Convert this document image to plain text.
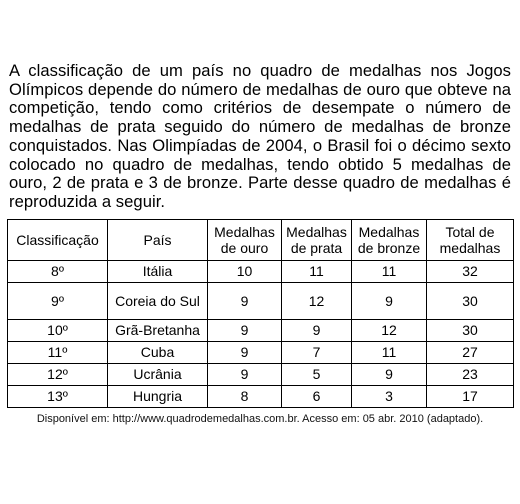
A classificação de um país no quadro de medalhas nos Jogos Olímpicos depende do número de medalhas de ouro que obteve na competição, tendo como critérios de desempate o número de medalhas de prata seguido do número de medalhas de bronze conquistados. Nas Olimpíadas de 2004, o Brasil foi o décimo sexto colocado no quadro de medalhas, tendo obtido 5 medalhas de ouro, 2 de prata e 3 de bronze. Parte desse quadro de medalhas é reproduzida a seguir.

Classificação	País	Medalhas de ouro	Medalhas de prata	Medalhas de bronze	Total de medalhas
8º	Itália	10	11	11	32
9º	Coreia do Sul	9	12	9	30
10º	Grã-Bretanha	9	9	12	30
11º	Cuba	9	7	11	27
12º	Ucrânia	9	5	9	23
13º	Hungria	8	6	3	17
Disponível em: http://www.quadrodemedalhas.com.br. Acesso em: 05 abr. 2010 (adaptado).
